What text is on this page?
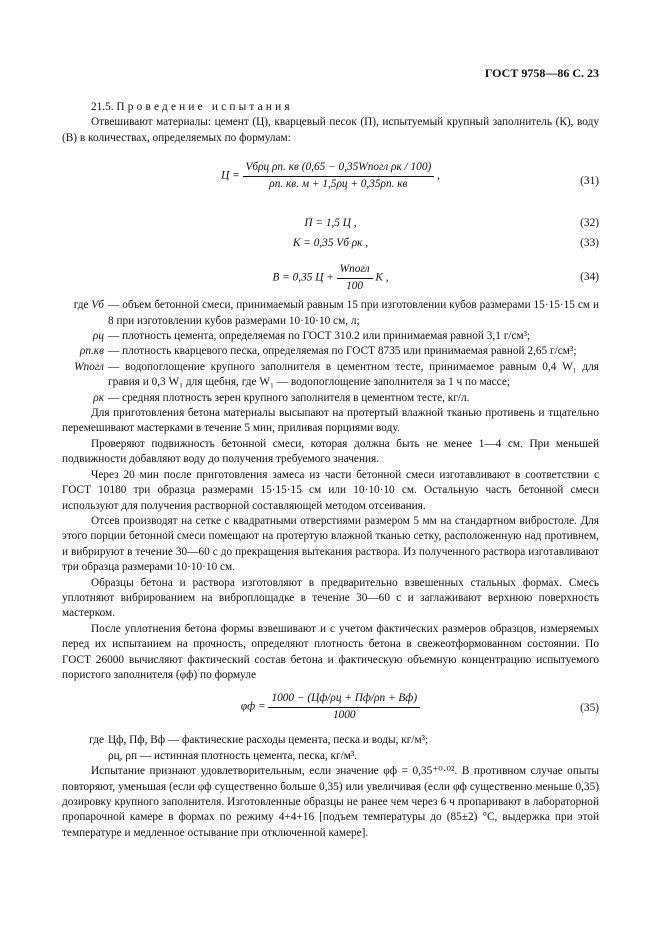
ГОСТ 9758—86 С. 23

21.5. Проведение испытания

Отвешивают материалы: цемент (Ц), кварцевый песок (П), испытуемый крупный заполнитель (К), воду (В) в количествах, определяемых по формулам:

$Ц = \frac{\text{Vбρц ρп. кв (0,65 − 0,35Wпогл ρк / 100)}}{\rho п. кв. м + 1,5\rho ц + 0,35\rho п. кв}$ ,	(31)
П = 1,5 Ц ,	(32)
К = 0,35 Vб ρк ,	(33)
В = 0,35 $Ц + \frac{\text{Wпогл}}{100}$ К ,	(34)
где Vб — объем бетонной смеси, принимаемый равным 15 при изготовлении кубов размерами 15·15·15 см и 8 при изготовлении кубов размерами 10·10·10 см, л;
ρц — плотность цемента, определяемая по ГОСТ 310.2 или принимаемая равной 3,1 г/см³;
ρп.кв — плотность кварцевого песка, определяемая по ГОСТ 8735 или принимаемая равной 2,65 г/см³;
Wпогл — водопоглощение крупного заполнителя в цементном тесте, принимаемое равным 0,4 W₁ для гравия и 0,3 W₁ для щебня, где W₁ — водопоглощение заполнителя за 1 ч по массе;
ρк — средняя плотность зерен крупного заполнителя в цементном тесте, кг/л.

Для приготовления бетона материалы высыпают на протертый влажной тканью противень и тщательно перемешивают мастерками в течение 5 мин, приливая порциями воду.

Проверяют подвижность бетонной смеси, которая должна быть не менее 1—4 см. При меньшей подвижности добавляют воду до получения требуемого значения.

Через 20 мин после приготовления замеса из части бетонной смеси изготавливают в соответствии с ГОСТ 10180 три образца размерами 15·15·15 см или 10·10·10 см. Остальную часть бетонной смеси используют для получения растворной составляющей методом отсеивания.

Отсев производят на сетке с квадратными отверстиями размером 5 мм на стандартном вибростоле. Для этого порции бетонной смеси помещают на протертую влажной тканью сетку, расположенную над противнем, и вибрируют в течение 30—60 с до прекращения вытекания раствора. Из полученного раствора изготавливают три образца размерами 10·10·10 см.

Образцы бетона и раствора изготовляют в предварительно взвешенных стальных формах. Смесь уплотняют вибрированием на виброплощадке в течение 30—60 с и заглаживают верхнюю поверхность мастерком.

После уплотнения бетона формы взвешивают и с учетом фактических размеров образцов, измеряемых перед их испытанием на прочность, определяют плотность бетона в свежеотформованном состоянии. По ГОСТ 26000 вычисляют фактический состав бетона и фактическую объемную концентрацию испытуемого пористого заполнителя (φф) по формуле

$\varphi ф = \frac{1000 - (Цф/\rho ц + Пф/\rho п + Вф)}{1000}$	(35)
где Цф, Пф, Вф — фактические расходы цемента, песка и воды, кг/м³;
ρц, ρп — истинная плотность цемента, песка, кг/м³.

Испытание признают удовлетворительным, если значение φф = 0,35⁺⁰·⁰². В противном случае опыты повторяют, уменьшая (если φф существенно больше 0,35) или увеличивая (если φф существенно меньше 0,35) дозировку крупного заполнителя. Изготовленные образцы не ранее чем через 6 ч пропаривают в лабораторной пропарочной камере в формах по режиму 4+4+16 [подъем температуры до (85±2) °С, выдержка при этой температуре и медленное остывание при отключенной камере].
